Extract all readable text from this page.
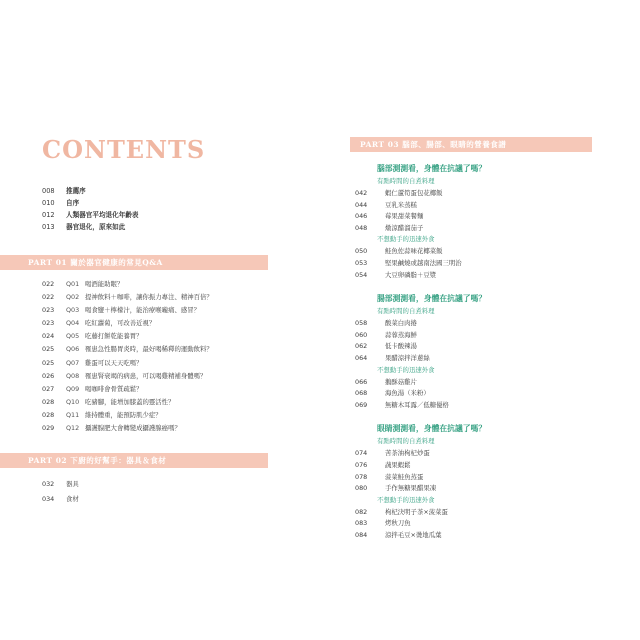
CONTENTS
008	推薦序
010	自序
012	人類器官平均退化年齡表
013	器官退化，原來如此
PART 01 關於器官健康的常見Q&A
022	Q01 喝酒能助眠？
022	Q02 提神飲料＋咖啡，讓你振力專注、精神百倍？
023	Q03 喝食鹽＋檸檬汁，能治療喉嚨痛、感冒？
023	Q04 吃紅蘿蔔，可改善近視？
024	Q05 吃藤打餅乾能養胃？
025	Q06 罹患急性腸胃炎時，最好喝稀釋的運動飲料？
025	Q07 雞蛋可以天天吃嗎？
026	Q08 罹患腎衰竭的病患，可以喝雞精補身體嗎？
027	Q09 喝咖啡會骨質疏鬆？
028	Q10 吃豬腳，能增加膝蓋的靈活性？
028	Q11 維持體重，能預防肌少症？
029	Q12 攝護腺肥大會轉變成攝護腺癌嗎？
PART 02 下廚的好幫手：器具＆食材
032	器具
034	食材
PART 03 腦部、腸部、眼睛的營養食譜
腦部測測看，身體在抗議了嗎？
有點時間的自煮料理
042	蝦仁蘆筍蛋包花椰飯
044	豆乳米蒸糕
046	莓果甜菜餐麵
048	燉涼醋溜茄子
不想動手的迅速外食
050	鮭魚佐蒜味花椰菜飯
053	堅果鹹燒或越南法國三明治
054	大豆卵磷脂＋豆漿
腸部測測看，身體在抗議了嗎？
有點時間的自煮料理
058	酸菜白肉捲
060	蒜蓉蒸海鮮
062	低卡酸辣湯
064	果醋涼拌洋蔥絲
不想動手的迅速外食
066	鵝酥菇雞片
068	海魚湯（米粉）
069	無糖木耳露／低糖優格
眼睛測測看，身體在抗議了嗎？
有點時間的自煮料理
074	苦茶油枸杞炒蛋
076	蔬果蝦鬆
078	菠菜鮭魚蒸蛋
080	手作無糖果醋果凍
不想動手的迅速外食
082	枸杞決明子茶×菠菜蛋
083	烤秋刀魚
084	涼拌毛豆×燙地瓜葉
